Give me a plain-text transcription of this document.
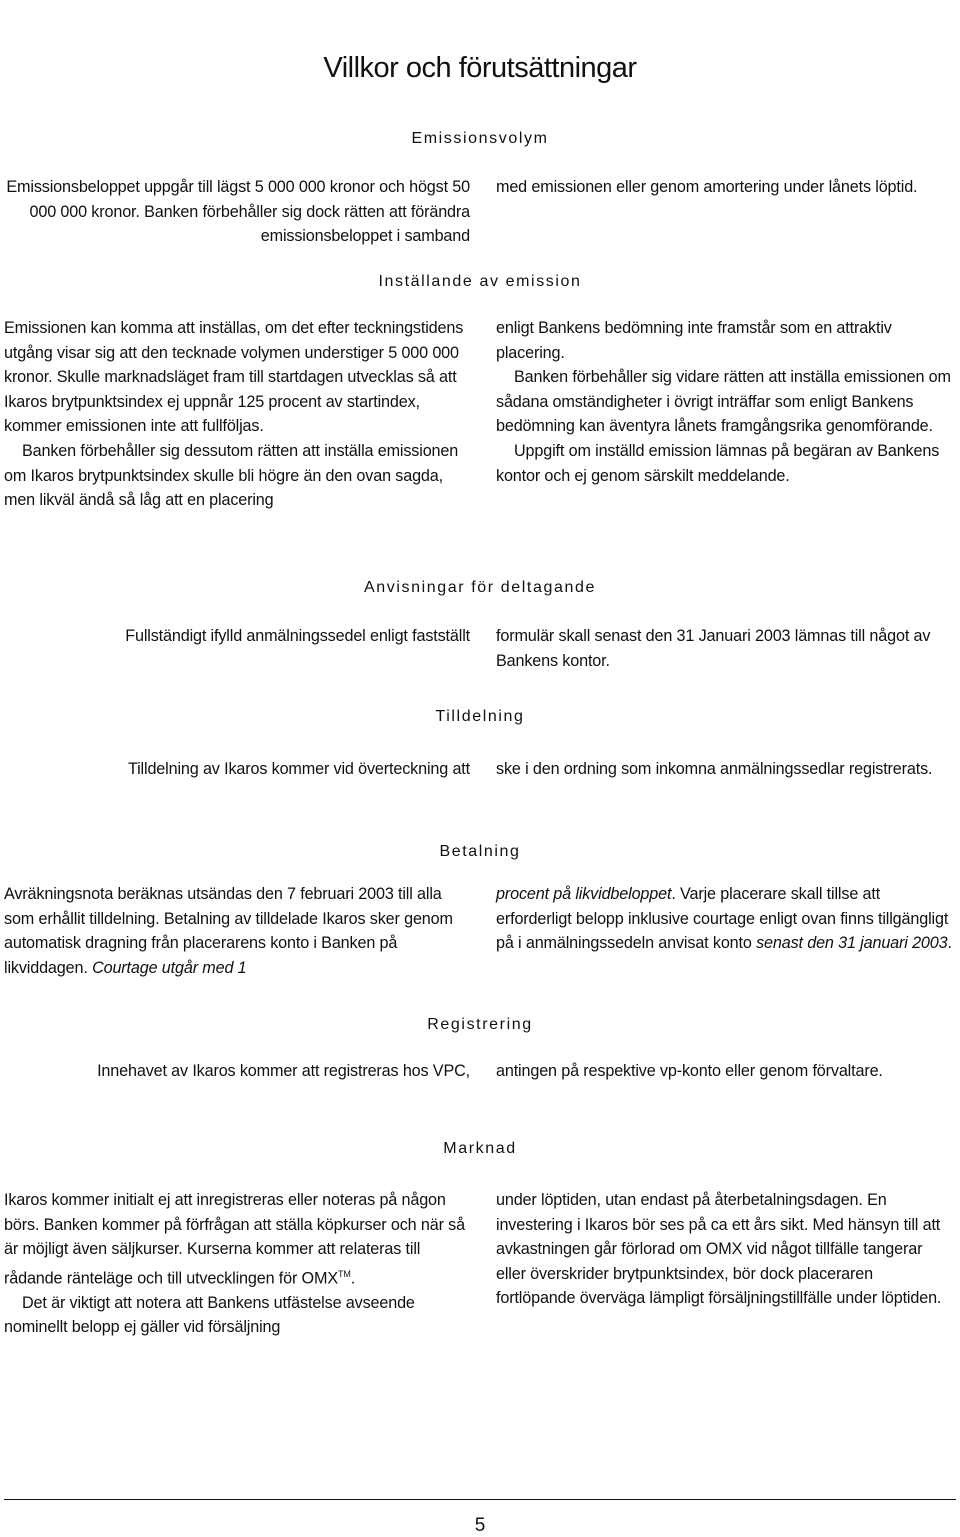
Villkor och förutsättningar
Emissionsvolym

Emissionsbeloppet uppgår till lägst 5 000 000 kronor och högst 50 000 000 kronor. Banken förbehåller sig dock rätten att förändra emissionsbeloppet i samband

med emissionen eller genom amortering under lånets löptid.

Inställande av emission

Emissionen kan komma att inställas, om det efter teckningstidens utgång visar sig att den tecknade volymen understiger 5 000 000 kronor. Skulle marknadsläget fram till startdagen utvecklas så att Ikaros brytpunktsindex ej uppnår 125 procent av startindex, kommer emissionen inte att fullföljas.

Banken förbehåller sig dessutom rätten att inställa emissionen om Ikaros brytpunktsindex skulle bli högre än den ovan sagda, men likväl ändå så låg att en placering

enligt Bankens bedömning inte framstår som en attraktiv placering.

Banken förbehåller sig vidare rätten att inställa emissionen om sådana omständigheter i övrigt inträffar som enligt Bankens bedömning kan äventyra lånets framgångsrika genomförande.

Uppgift om inställd emission lämnas på begäran av Bankens kontor och ej genom särskilt meddelande.

Anvisningar för deltagande

Fullständigt ifylld anmälningssedel enligt fastställt formulär skall senast den 31 Januari 2003 lämnas till något av Bankens kontor.

Tilldelning

Tilldelning av Ikaros kommer vid överteckning att ske i den ordning som inkomna anmälningssedlar registrerats.

Betalning

Avräkningsnota beräknas utsändas den 7 februari 2003 till alla som erhållit tilldelning. Betalning av tilldelade Ikaros sker genom automatisk dragning från placerarens konto i Banken på likviddagen. Courtage utgår med 1

procent på likvidbeloppet. Varje placerare skall tillse att erforderligt belopp inklusive courtage enligt ovan finns tillgängligt på i anmälningssedeln anvisat konto senast den 31 januari 2003.

Registrering

Innehavet av Ikaros kommer att registreras hos VPC, antingen på respektive vp-konto eller genom förvaltare.

Marknad

Ikaros kommer initialt ej att inregistreras eller noteras på någon börs. Banken kommer på förfrågan att ställa köpkurser och när så är möjligt även säljkurser. Kurserna kommer att relateras till rådande ränteläge och till utvecklingen för OMX™.

Det är viktigt att notera att Bankens utfästelse avseende nominellt belopp ej gäller vid försäljning

under löptiden, utan endast på återbetalningsdagen. En investering i Ikaros bör ses på ca ett års sikt. Med hänsyn till att avkastningen går förlorad om OMX vid något tillfälle tangerar eller överskrider brytpunktsindex, bör dock placeraren fortlöpande överväga lämpligt försäljningstillfälle under löptiden.

5
